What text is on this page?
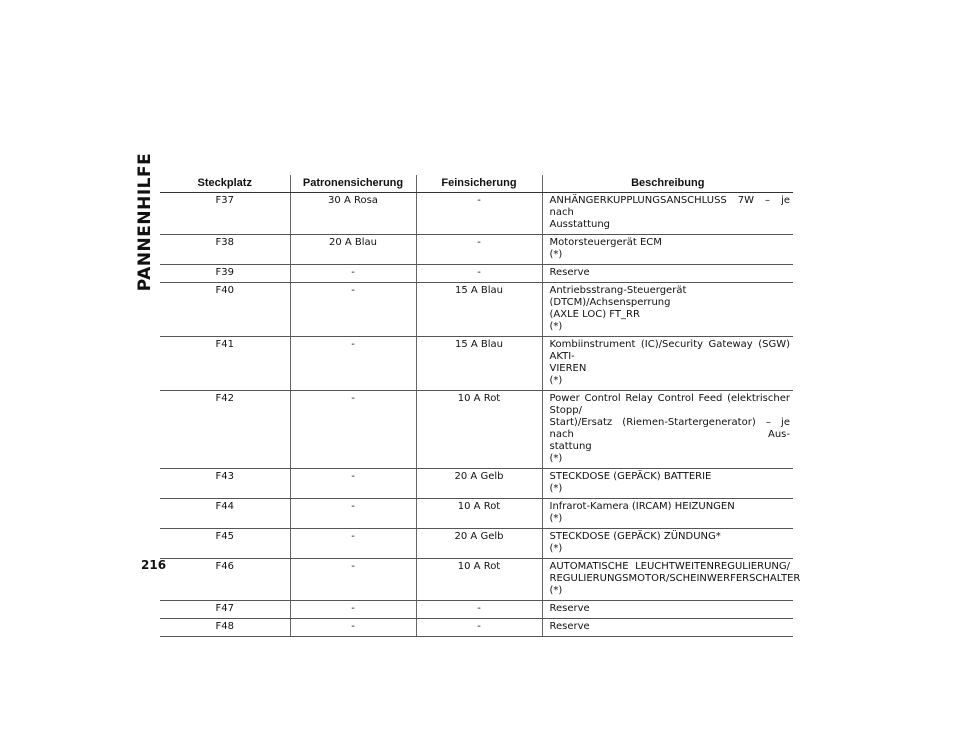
PANNENHILFE	Steckplatz	Patronensicherung	Feinsicherung	Beschreibung
F37	30 A Rosa	-	ANHÄNGERKUPPLUNGSANSCHLUSS 7W – je nach
Ausstattung

F38	20 A Blau	-	Motorsteuergerät ECM
(*)

F39	-	-	Reserve

F40	-	15 A Blau	Antriebsstrang-Steuergerät (DTCM)/Achsensperrung
(AXLE LOC) FT_RR
(*)

F41	-	15 A Blau	Kombiinstrument (IC)/Security Gateway (SGW) AKTI-
VIEREN
(*)

F42	-	10 A Rot	Power Control Relay Control Feed (elektrischer Stopp/
Start)/Ersatz (Riemen-Startergenerator) – je nach Aus-
stattung
(*)

F43	-	20 A Gelb	STECKDOSE (GEPÄCK) BATTERIE
(*)

F44	-	10 A Rot	Infrarot-Kamera (IRCAM) HEIZUNGEN
(*)

F45	-	20 A Gelb	STECKDOSE (GEPÄCK) ZÜNDUNG*
(*)

F46	-	10 A Rot	AUTOMATISCHE LEUCHTWEITENREGULIERUNG/
REGULIERUNGSMOTOR/SCHEINWERFERSCHALTER
(*)

F47	-	-	Reserve

F48	-	-	Reserve
216
